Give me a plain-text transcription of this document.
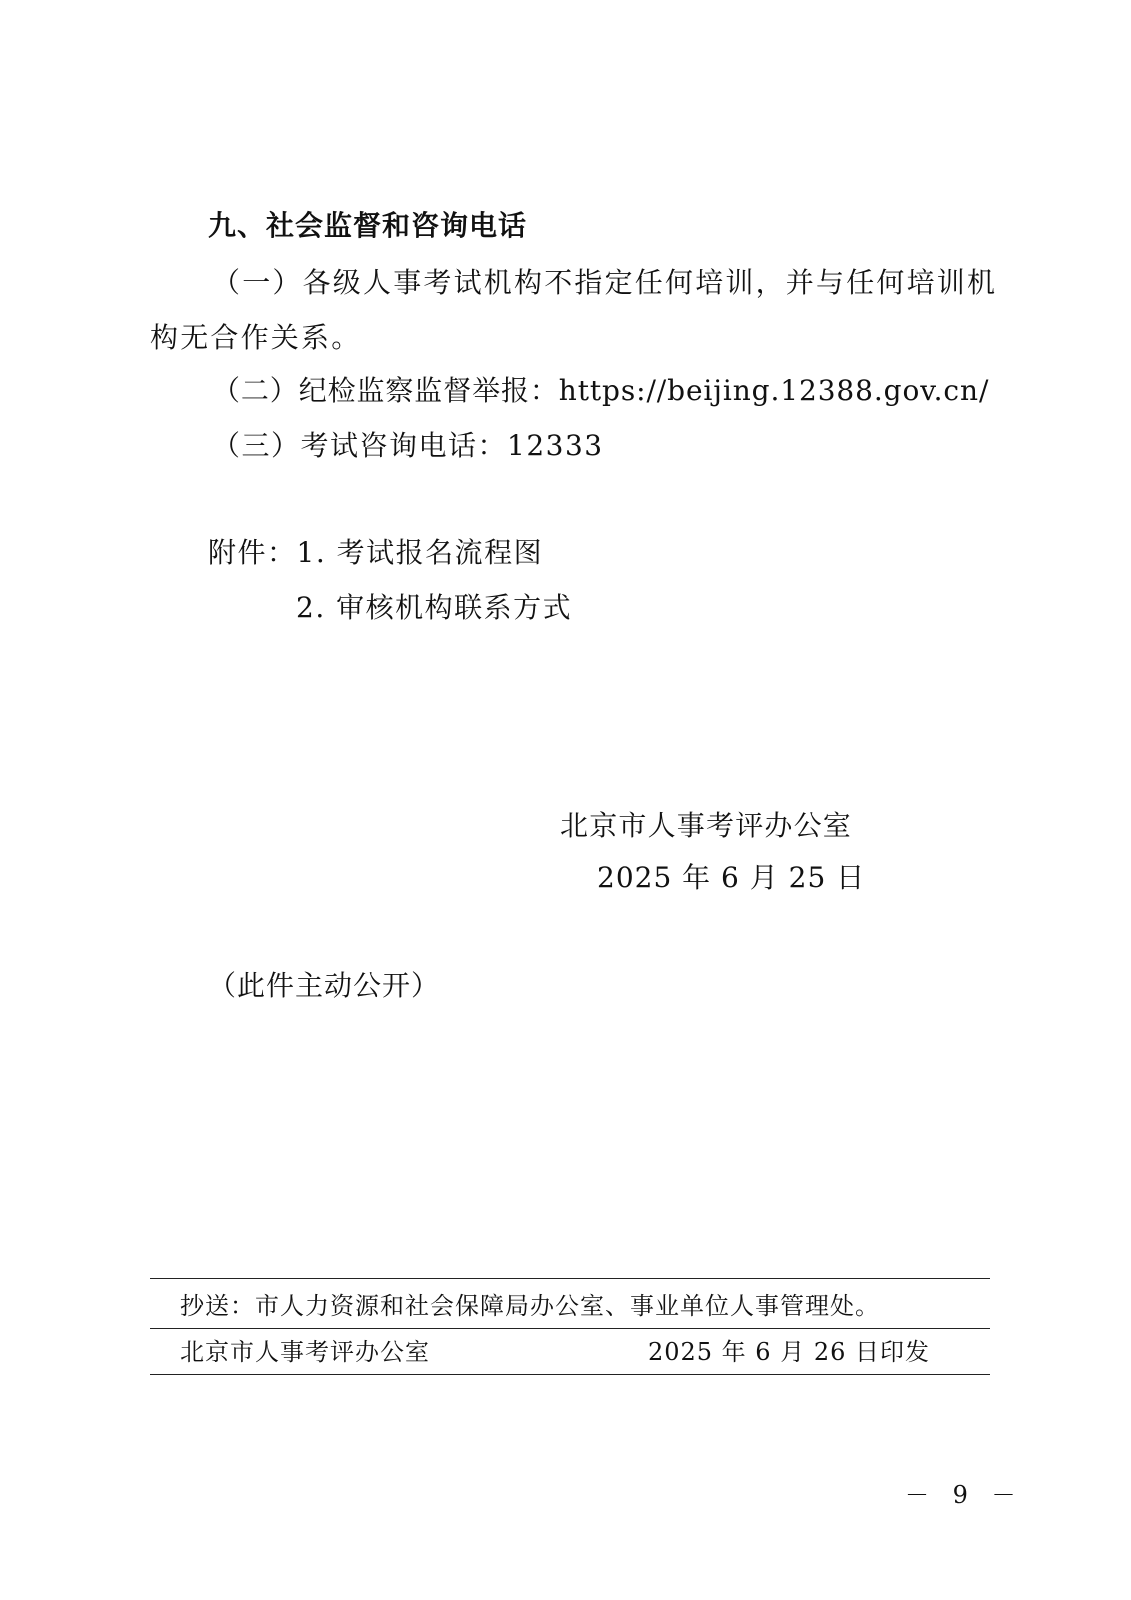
九、社会监督和咨询电话
（一）各级人事考试机构不指定任何培训，并与任何培训机
构无合作关系。
（二）纪检监察监督举报：https://beijing.12388.gov.cn/
（三）考试咨询电话：12333
附件：1. 考试报名流程图
2. 审核机构联系方式
北京市人事考评办公室
2025 年 6 月 25 日
（此件主动公开）
抄送：市人力资源和社会保障局办公室、事业单位人事管理处。
北京市人事考评办公室	2025 年 6 月 26 日印发
－ 9 －
